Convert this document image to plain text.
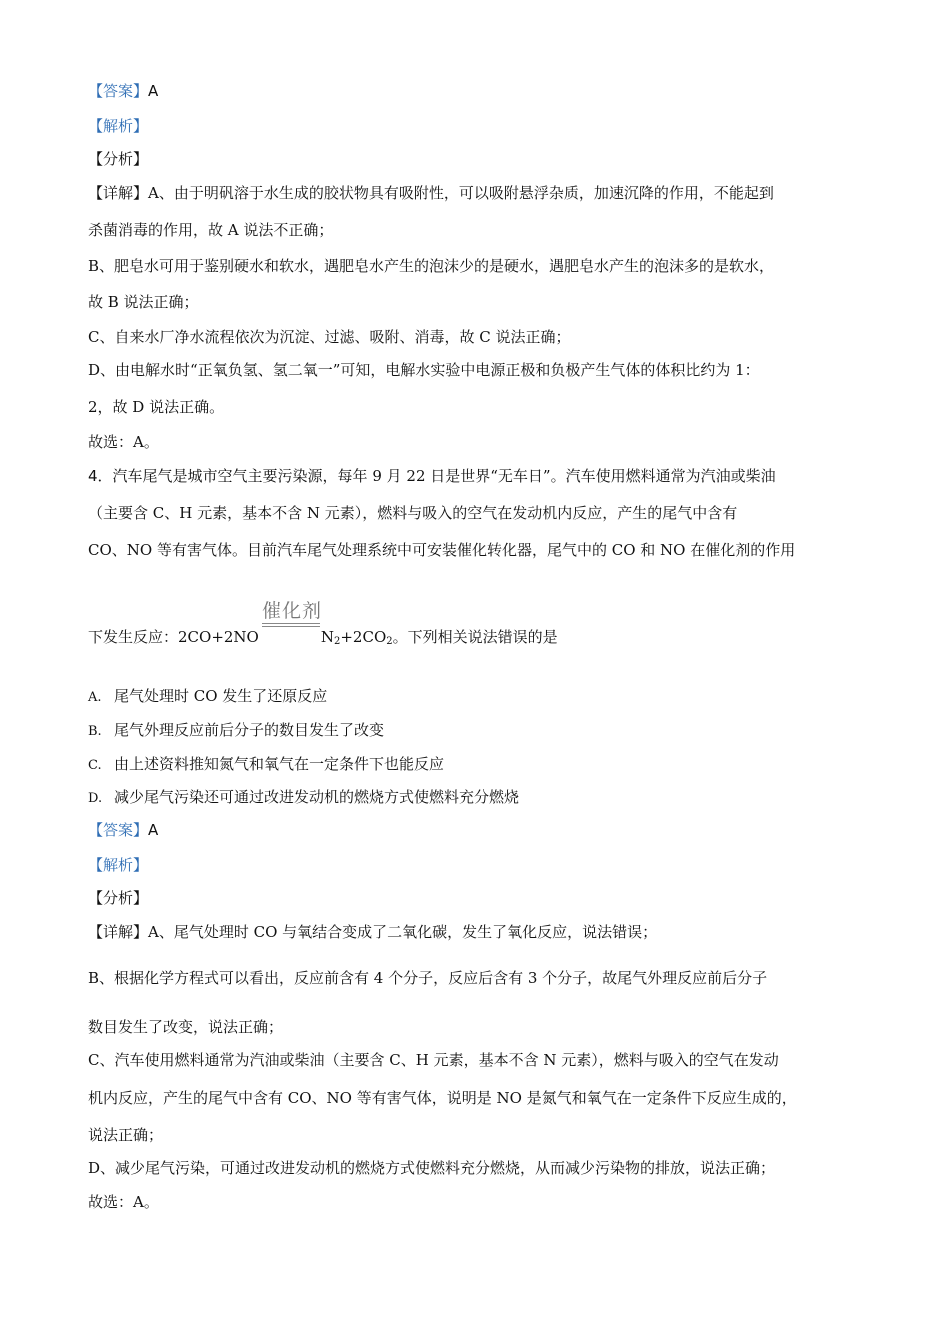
【答案】A
【解析】
【分析】
【详解】A、由于明矾溶于水生成的胶状物具有吸附性，可以吸附悬浮杂质，加速沉降的作用，不能起到
杀菌消毒的作用，故 A 说法不正确；
B、肥皂水可用于鉴别硬水和软水，遇肥皂水产生的泡沫少的是硬水，遇肥皂水产生的泡沫多的是软水，
故 B 说法正确；
C、自来水厂净水流程依次为沉淀、过滤、吸附、消毒，故 C 说法正确；
D、由电解水时“正氧负氢、氢二氧一”可知，电解水实验中电源正极和负极产生气体的体积比约为 1：
2，故 D 说法正确。
故选：A。
4．汽车尾气是城市空气主要污染源，每年 9 月 22 日是世界“无车日”。汽车使用燃料通常为汽油或柴油
（主要含 C、H 元素，基本不含 N 元素），燃料与吸入的空气在发动机内反应，产生的尾气中含有
CO、NO 等有害气体。目前汽车尾气处理系统中可安装催化转化器，尾气中的 CO 和 NO 在催化剂的作用
催化剂
下发生反应：2CO+2NO	$N_2+2CO_2$。下列相关说法错误的是
A. 尾气处理时 CO 发生了还原反应
B. 尾气外理反应前后分子的数目发生了改变
C. 由上述资料推知氮气和氧气在一定条件下也能反应
D. 减少尾气污染还可通过改进发动机的燃烧方式使燃料充分燃烧
【答案】A
【解析】
【分析】
【详解】A、尾气处理时 CO 与氧结合变成了二氧化碳，发生了氧化反应，说法错误；
B、根据化学方程式可以看出，反应前含有 4 个分子，反应后含有 3 个分子，故尾气外理反应前后分子
数目发生了改变，说法正确；
C、汽车使用燃料通常为汽油或柴油（主要含 C、H 元素，基本不含 N 元素），燃料与吸入的空气在发动
机内反应，产生的尾气中含有 CO、NO 等有害气体，说明是 NO 是氮气和氧气在一定条件下反应生成的，
说法正确；
D、减少尾气污染，可通过改进发动机的燃烧方式使燃料充分燃烧，从而减少污染物的排放，说法正确；
故选：A。
